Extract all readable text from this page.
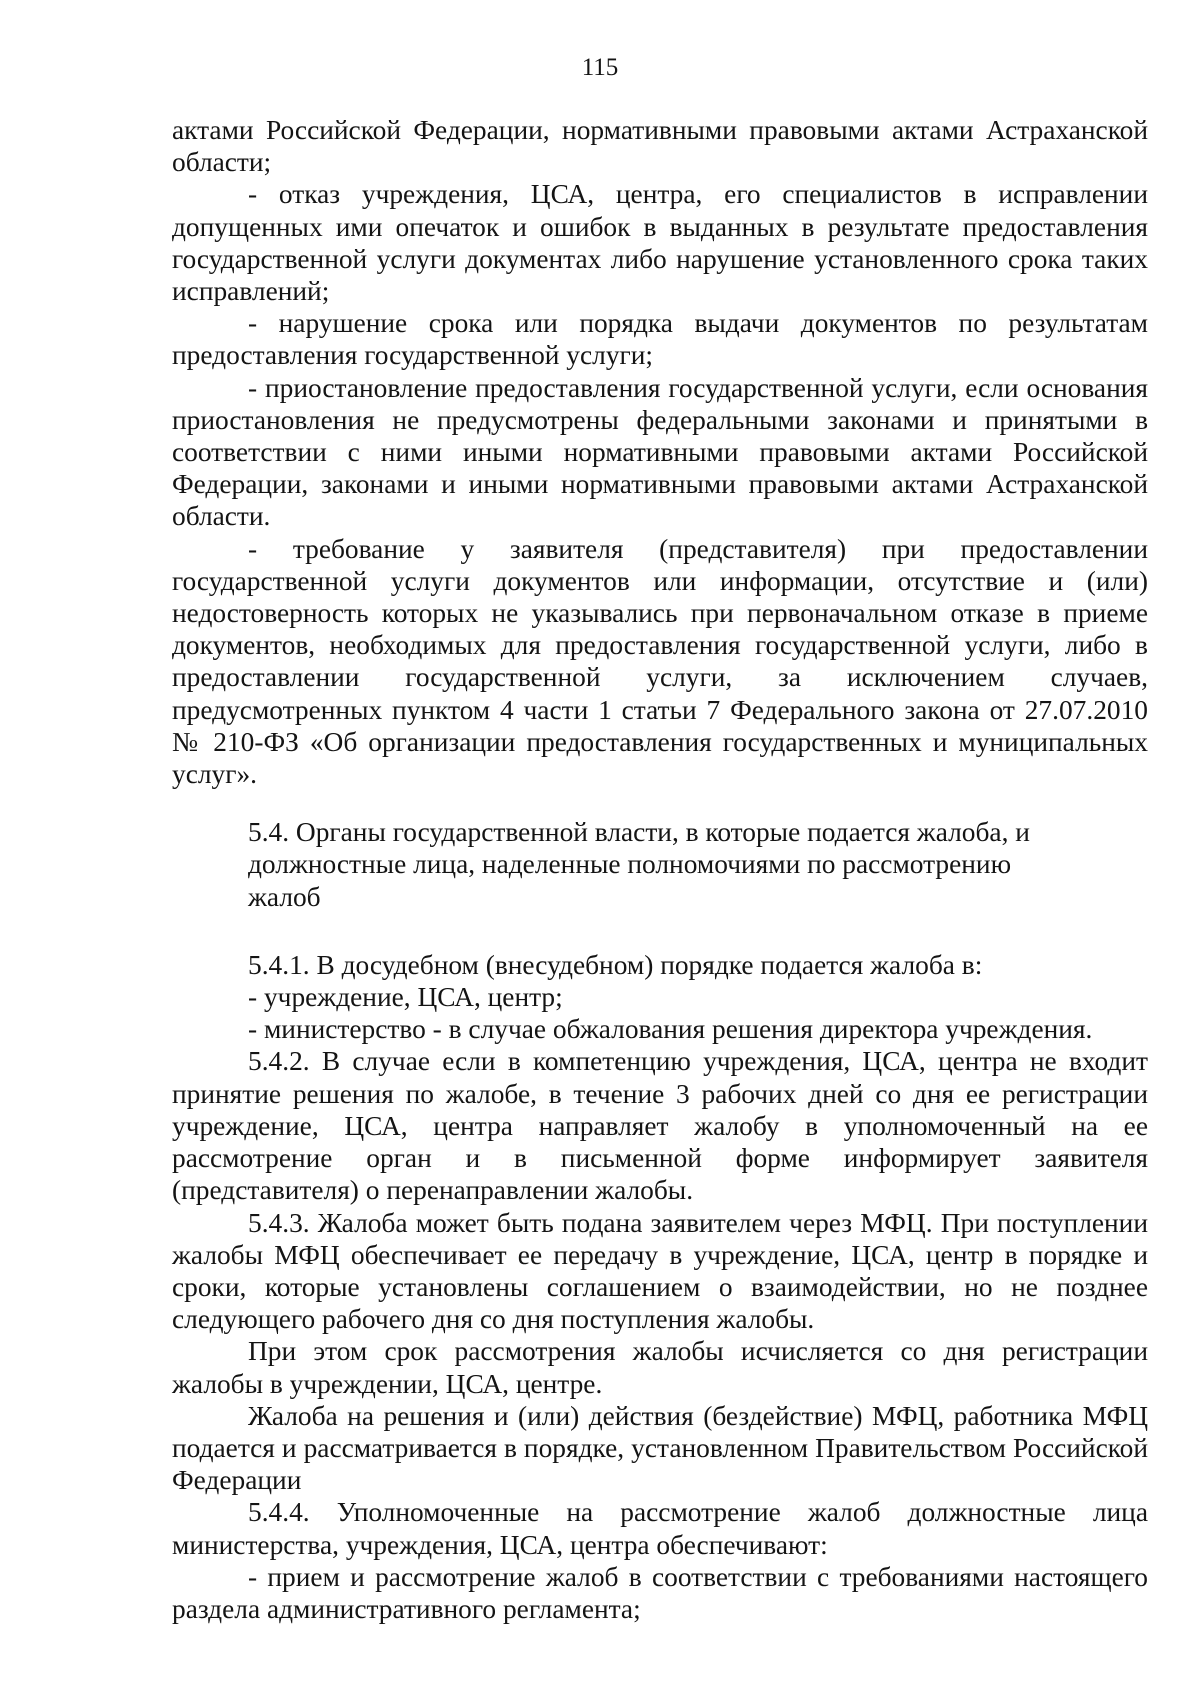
115

актами Российской Федерации, нормативными правовыми актами Астраханской области;

- отказ учреждения, ЦСА, центра, его специалистов в исправлении допущенных ими опечаток и ошибок в выданных в результате предоставления государственной услуги документах либо нарушение установленного срока таких исправлений;

- нарушение срока или порядка выдачи документов по результатам предоставления государственной услуги;

- приостановление предоставления государственной услуги, если основания приостановления не предусмотрены федеральными законами и принятыми в соответствии с ними иными нормативными правовыми актами Российской Федерации, законами и иными нормативными правовыми актами Астраханской области.

- требование у заявителя (представителя) при предоставлении государственной услуги документов или информации, отсутствие и (или) недостоверность которых не указывались при первоначальном отказе в приеме документов, необходимых для предоставления государственной услуги, либо в предоставлении государственной услуги, за исключением случаев, предусмотренных пунктом 4 части 1 статьи 7 Федерального закона от 27.07.2010 № 210-ФЗ «Об организации предоставления государственных и муниципальных услуг».

5.4. Органы государственной власти, в которые подается жалоба, и должностные лица, наделенные полномочиями по рассмотрению жалоб

5.4.1. В досудебном (внесудебном) порядке подается жалоба в:

- учреждение, ЦСА, центр;

- министерство - в случае обжалования решения директора учреждения.

5.4.2. В случае если в компетенцию учреждения, ЦСА, центра не входит принятие решения по жалобе, в течение 3 рабочих дней со дня ее регистрации учреждение, ЦСА, центра направляет жалобу в уполномоченный на ее рассмотрение орган и в письменной форме информирует заявителя (представителя) о перенаправлении жалобы.

5.4.3. Жалоба может быть подана заявителем через МФЦ. При поступлении жалобы МФЦ обеспечивает ее передачу в учреждение, ЦСА, центр в порядке и сроки, которые установлены соглашением о взаимодействии, но не позднее следующего рабочего дня со дня поступления жалобы.

При этом срок рассмотрения жалобы исчисляется со дня регистрации жалобы в учреждении, ЦСА, центре.

Жалоба на решения и (или) действия (бездействие) МФЦ, работника МФЦ подается и рассматривается в порядке, установленном Правительством Российской Федерации

5.4.4. Уполномоченные на рассмотрение жалоб должностные лица министерства, учреждения, ЦСА, центра обеспечивают:

- прием и рассмотрение жалоб в соответствии с требованиями настоящего раздела административного регламента;
